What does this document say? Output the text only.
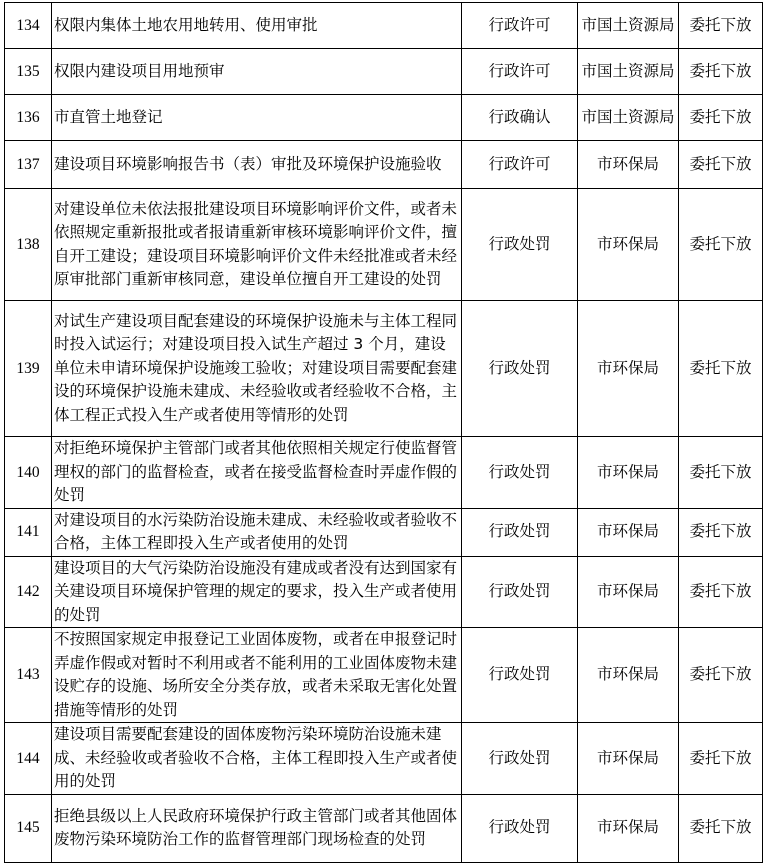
134	权限内集体土地农用地转用、使用审批	行政许可	市国土资源局	委托下放
135	权限内建设项目用地预审	行政许可	市国土资源局	委托下放
136	市直管土地登记	行政确认	市国土资源局	委托下放
137	建设项目环境影响报告书（表）审批及环境保护设施验收	行政许可	市环保局	委托下放
138	对建设单位未依法报批建设项目环境影响评价文件，或者未依照规定重新报批或者报请重新审核环境影响评价文件，擅自开工建设；建设项目环境影响评价文件未经批准或者未经原审批部门重新审核同意，建设单位擅自开工建设的处罚	行政处罚	市环保局	委托下放
139	对试生产建设项目配套建设的环境保护设施未与主体工程同时投入试运行；对建设项目投入试生产超过 3 个月，建设单位未申请环境保护设施竣工验收；对建设项目需要配套建设的环境保护设施未建成、未经验收或者经验收不合格，主体工程正式投入生产或者使用等情形的处罚	行政处罚	市环保局	委托下放
140	对拒绝环境保护主管部门或者其他依照相关规定行使监督管理权的部门的监督检查，或者在接受监督检查时弄虚作假的处罚	行政处罚	市环保局	委托下放
141	对建设项目的水污染防治设施未建成、未经验收或者验收不合格，主体工程即投入生产或者使用的处罚	行政处罚	市环保局	委托下放
142	建设项目的大气污染防治设施没有建成或者没有达到国家有关建设项目环境保护管理的规定的要求，投入生产或者使用的处罚	行政处罚	市环保局	委托下放
143	不按照国家规定申报登记工业固体废物，或者在申报登记时弄虚作假或对暂时不利用或者不能利用的工业固体废物未建设贮存的设施、场所安全分类存放，或者未采取无害化处置措施等情形的处罚	行政处罚	市环保局	委托下放
144	建设项目需要配套建设的固体废物污染环境防治设施未建成、未经验收或者验收不合格，主体工程即投入生产或者使用的处罚	行政处罚	市环保局	委托下放
145	拒绝县级以上人民政府环境保护行政主管部门或者其他固体废物污染环境防治工作的监督管理部门现场检查的处罚	行政处罚	市环保局	委托下放
